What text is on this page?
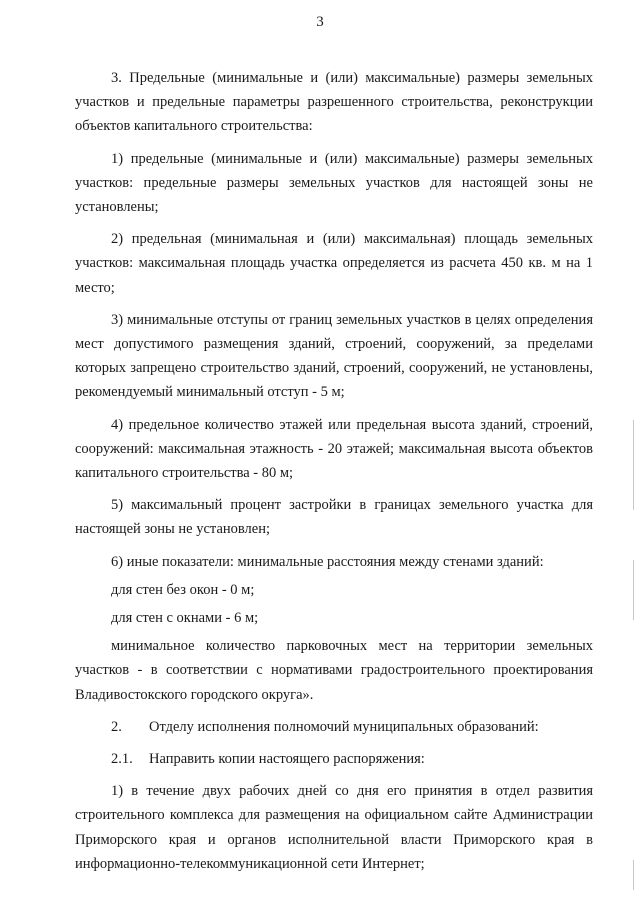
3

3. Предельные (минимальные и (или) максимальные) размеры земельных участков и предельные параметры разрешенного строительства, реконструкции объектов капитального строительства:

1) предельные (минимальные и (или) максимальные) размеры земельных участков: предельные размеры земельных участков для настоящей зоны не установлены;

2) предельная (минимальная и (или) максимальная) площадь земельных участков: максимальная площадь участка определяется из расчета 450 кв. м на 1 место;

3) минимальные отступы от границ земельных участков в целях определения мест допустимого размещения зданий, строений, сооружений, за пределами которых запрещено строительство зданий, строений, сооружений, не установлены, рекомендуемый минимальный отступ - 5 м;

4) предельное количество этажей или предельная высота зданий, строений, сооружений: максимальная этажность - 20 этажей; максимальная высота объектов капитального строительства - 80 м;

5) максимальный процент застройки в границах земельного участка для настоящей зоны не установлен;

6) иные показатели: минимальные расстояния между стенами зданий:

для стен без окон - 0 м;

для стен с окнами - 6 м;

минимальное количество парковочных мест на территории земельных участков - в соответствии с нормативами градостроительного проектирования Владивостокского городского округа».

2. Отделу исполнения полномочий муниципальных образований:

2.1. Направить копии настоящего распоряжения:

1) в течение двух рабочих дней со дня его принятия в отдел развития строительного комплекса для размещения на официальном сайте Администрации Приморского края и органов исполнительной власти Приморского края в информационно-телекоммуникационной сети Интернет;
